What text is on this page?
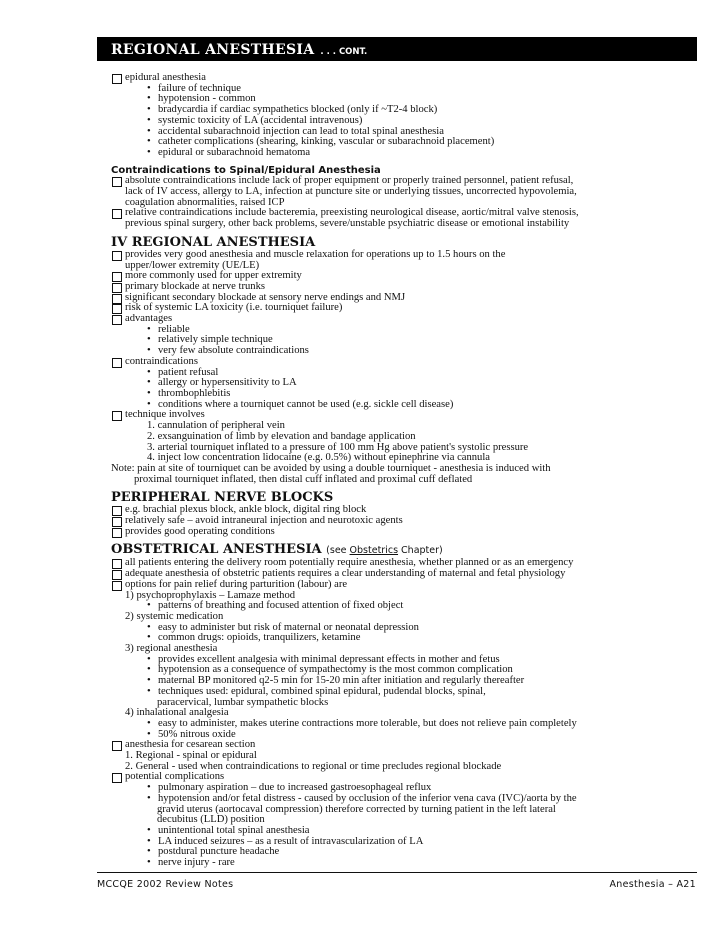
REGIONAL ANESTHESIA . . . CONT.
epidural anesthesia
• failure of technique
• hypotension - common
• bradycardia if cardiac sympathetics blocked (only if ~T2-4 block)
• systemic toxicity of LA (accidental intravenous)
• accidental subarachnoid injection can lead to total spinal anesthesia
• catheter complications (shearing, kinking, vascular or subarachnoid placement)
• epidural or subarachnoid hematoma
Contraindications to Spinal/Epidural Anesthesia
absolute contraindications include lack of proper equipment or properly trained personnel, patient refusal,
lack of IV access, allergy to LA, infection at puncture site or underlying tissues, uncorrected hypovolemia,
coagulation abnormalities, raised ICP
relative contraindications include bacteremia, preexisting neurological disease, aortic/mitral valve stenosis,
previous spinal surgery, other back problems, severe/unstable psychiatric disease or emotional instability
IV REGIONAL ANESTHESIA
provides very good anesthesia and muscle relaxation for operations up to 1.5 hours on the
upper/lower extremity (UE/LE)
more commonly used for upper extremity
primary blockade at nerve trunks
significant secondary blockade at sensory nerve endings and NMJ
risk of systemic LA toxicity (i.e. tourniquet failure)
advantages
• reliable
• relatively simple technique
• very few absolute contraindications
contraindications
• patient refusal
• allergy or hypersensitivity to LA
• thrombophlebitis
• conditions where a tourniquet cannot be used (e.g. sickle cell disease)
technique involves
1. cannulation of peripheral vein
2. exsanguination of limb by elevation and bandage application
3. arterial tourniquet inflated to a pressure of 100 mm Hg above patient's systolic pressure
4. inject low concentration lidocaine (e.g. 0.5%) without epinephrine via cannula
Note: pain at site of tourniquet can be avoided by using a double tourniquet - anesthesia is induced with
proximal tourniquet inflated, then distal cuff inflated and proximal cuff deflated
PERIPHERAL NERVE BLOCKS
e.g. brachial plexus block, ankle block, digital ring block
relatively safe – avoid intraneural injection and neurotoxic agents
provides good operating conditions
OBSTETRICAL ANESTHESIA (see Obstetrics Chapter)
all patients entering the delivery room potentially require anesthesia, whether planned or as an emergency
adequate anesthesia of obstetric patients requires a clear understanding of maternal and fetal physiology
options for pain relief during parturition (labour) are
1) psychoprophylaxis – Lamaze method
• patterns of breathing and focused attention of fixed object
2) systemic medication
• easy to administer but risk of maternal or neonatal depression
• common drugs: opioids, tranquilizers, ketamine
3) regional anesthesia
• provides excellent analgesia with minimal depressant effects in mother and fetus
• hypotension as a consequence of sympathectomy is the most common complication
• maternal BP monitored q2-5 min for 15-20 min after initiation and regularly thereafter
• techniques used: epidural, combined spinal epidural, pudendal blocks, spinal,
paracervical, lumbar sympathetic blocks
4) inhalational analgesia
• easy to administer, makes uterine contractions more tolerable, but does not relieve pain completely
• 50% nitrous oxide
anesthesia for cesarean section
1. Regional - spinal or epidural
2. General - used when contraindications to regional or time precludes regional blockade
potential complications
• pulmonary aspiration – due to increased gastroesophageal reflux
• hypotension and/or fetal distress - caused by occlusion of the inferior vena cava (IVC)/aorta by the
gravid uterus (aortocaval compression) therefore corrected by turning patient in the left lateral
decubitus (LLD) position
• unintentional total spinal anesthesia
• LA induced seizures – as a result of intravascularization of LA
• postdural puncture headache
• nerve injury - rare
MCCQE 2002 Review Notes	Anesthesia – A21
